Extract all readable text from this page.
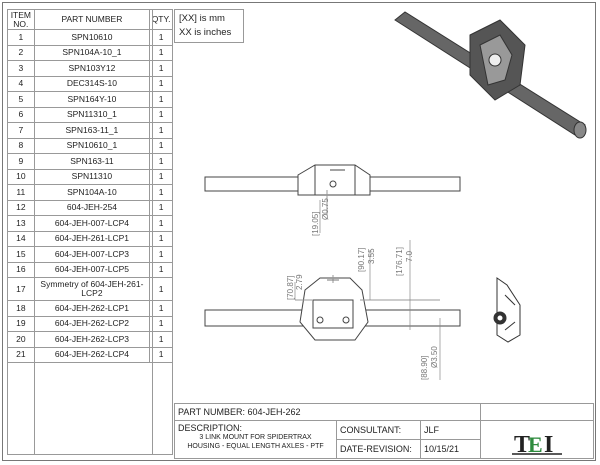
ITEM NO.	PART NUMBER	QTY.
1	SPN10610	1
2	SPN104A-10_1	1
3	SPN103Y12	1
4	DEC314S-10	1
5	SPN164Y-10	1
6	SPN11310_1	1
7	SPN163-11_1	1
8	SPN10610_1	1
9	SPN163-11	1
10	SPN11310	1
11	SPN104A-10	1
12	604-JEH-254	1
13	604-JEH-007-LCP4	1
14	604-JEH-261-LCP1	1
15	604-JEH-007-LCP3	1
16	604-JEH-007-LCP5	1
17	Symmetry of 604-JEH-261-LCP2	1
18	604-JEH-262-LCP1	1
19	604-JEH-262-LCP2	1
20	604-JEH-262-LCP3	1
21	604-JEH-262-LCP4	1
[XX] is mm
XX is inches
[19.05]
Ø0.75
[70.87] 2.79
[90.17] 3.55 [176.71] 7.0
[88.90] Ø3.50
PART NUMBER: 604-JEH-262
DESCRIPTION:
3 LINK MOUNT FOR SPIDERTRAX
HOUSING - EQUAL LENGTH AXLES - PTF
CONSULTANT:	JLF
DATE-REVISION:	10/15/21	T
E I
